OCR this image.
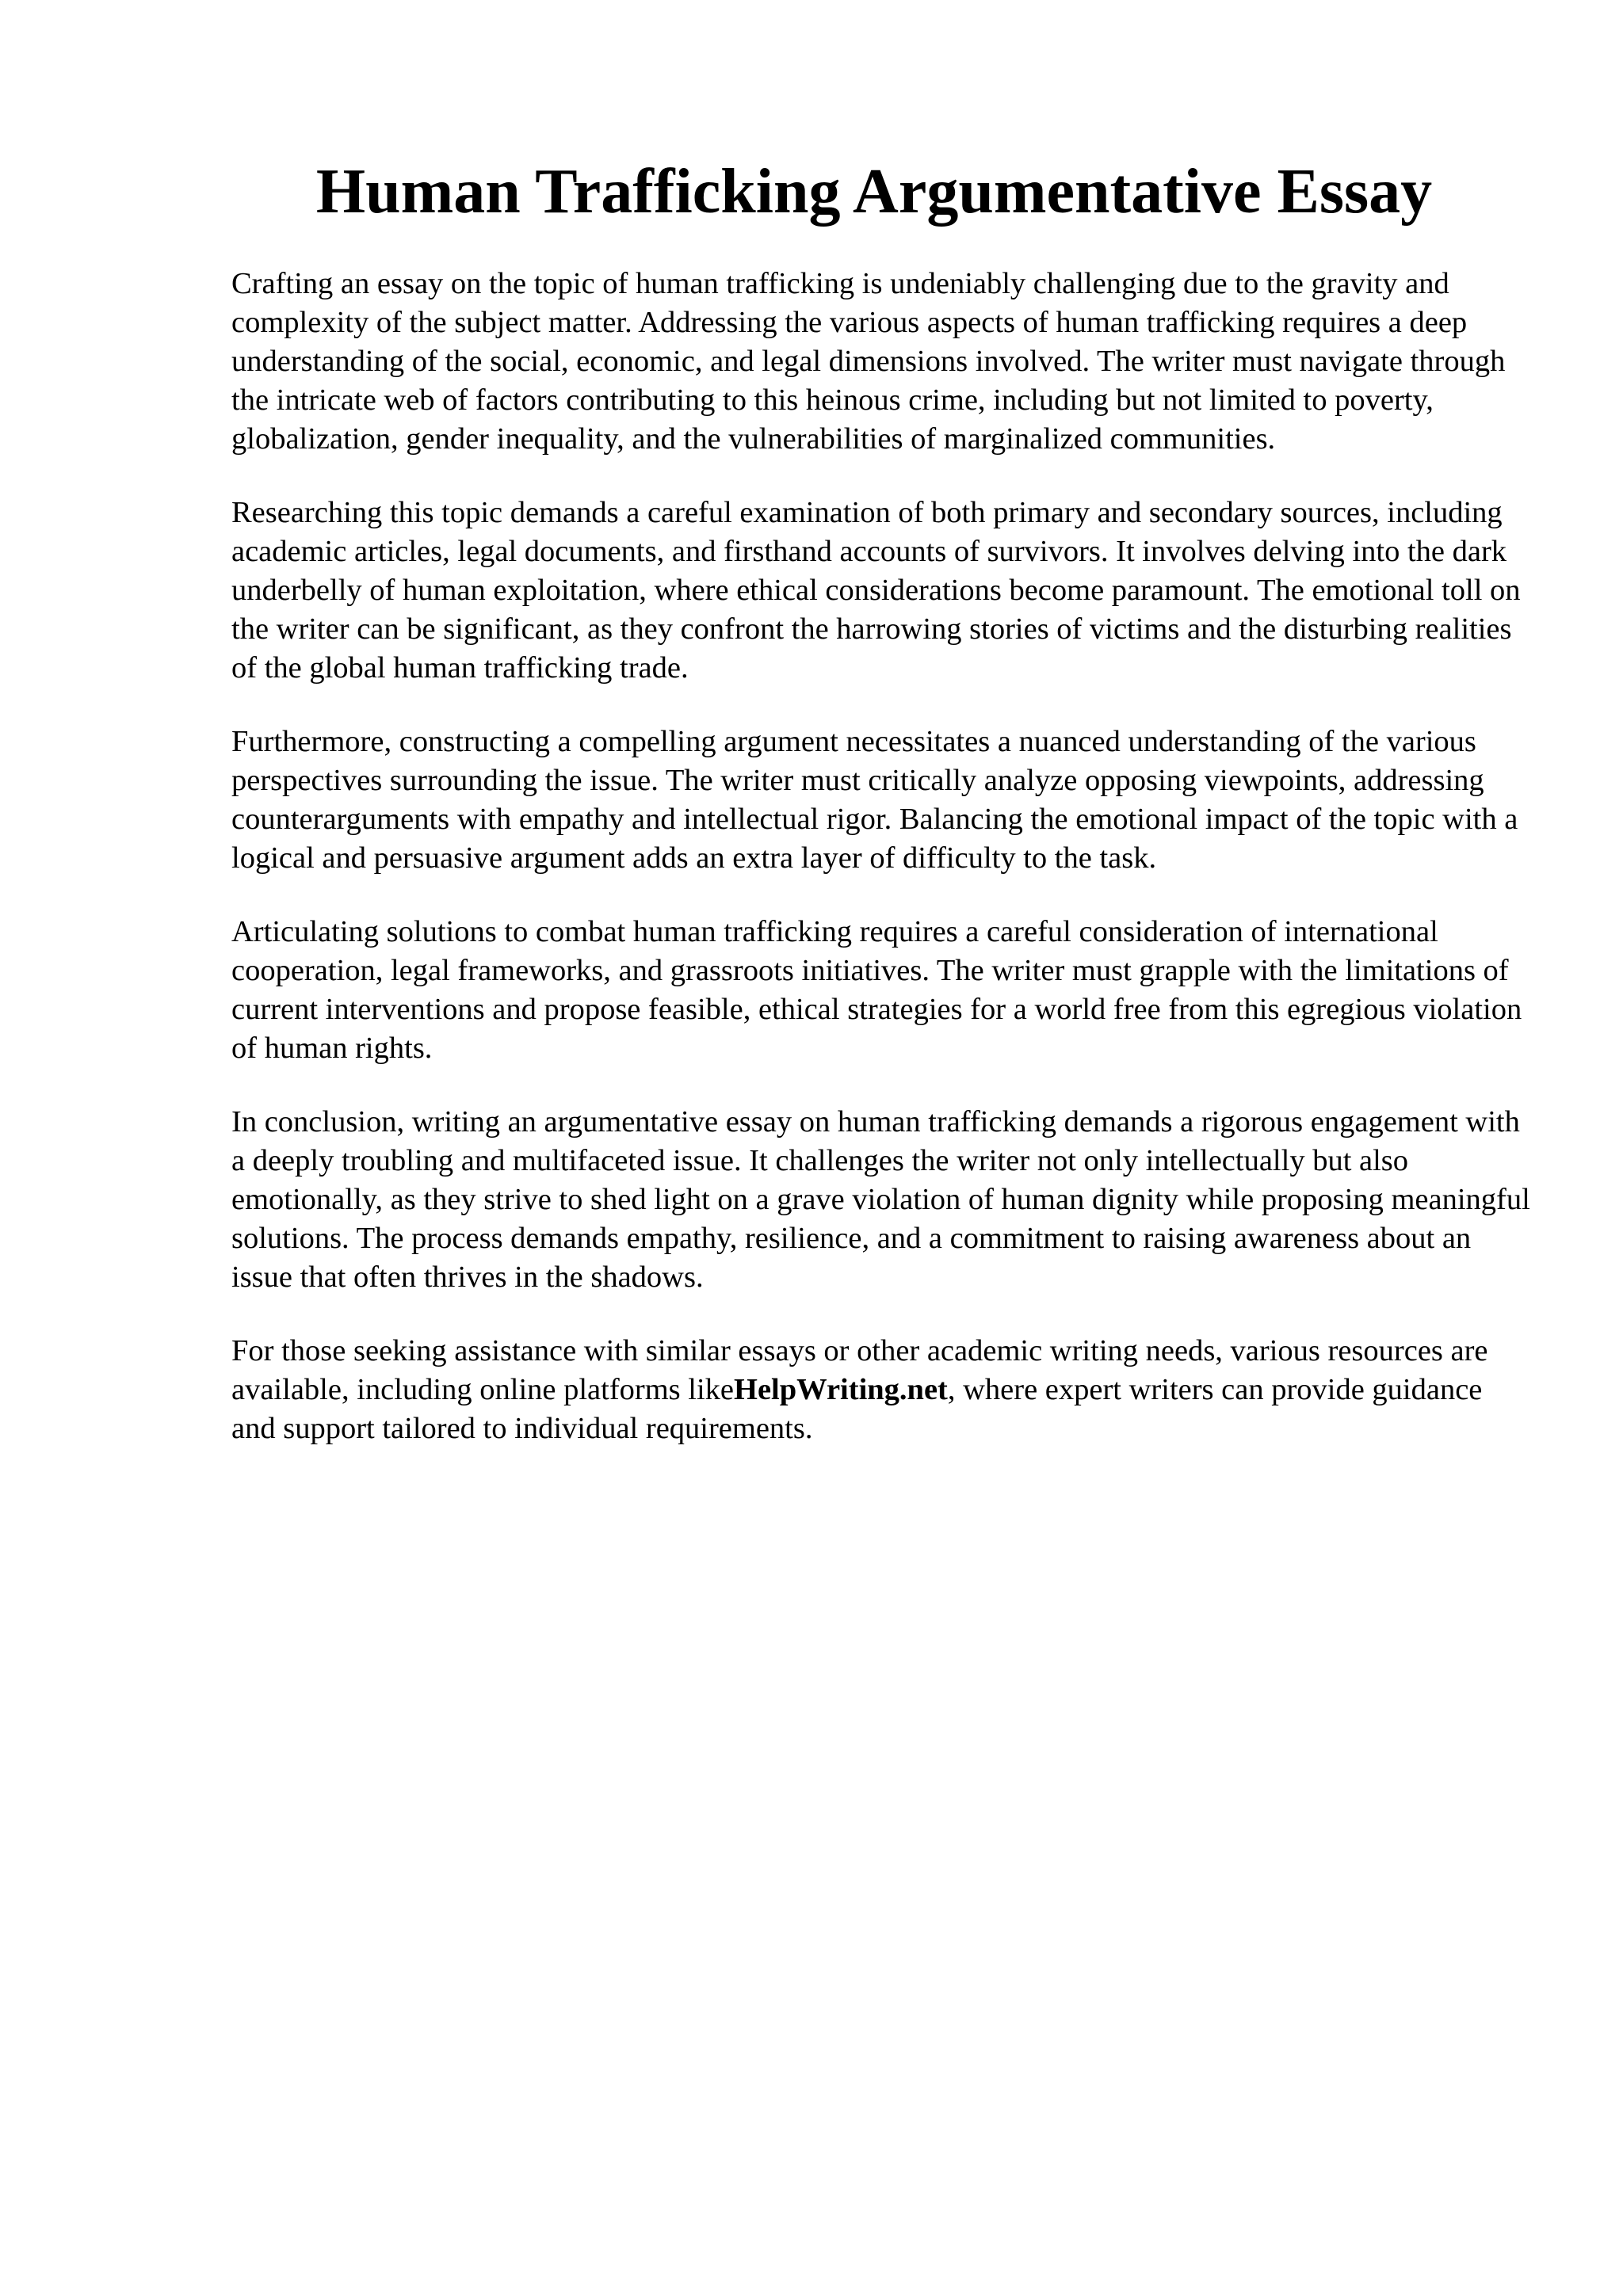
Human Trafficking Argumentative Essay

Crafting an essay on the topic of human trafficking is undeniably challenging due to the gravity and complexity of the subject matter. Addressing the various aspects of human trafficking requires a deep understanding of the social, economic, and legal dimensions involved. The writer must navigate through the intricate web of factors contributing to this heinous crime, including but not limited to poverty, globalization, gender inequality, and the vulnerabilities of marginalized communities.

Researching this topic demands a careful examination of both primary and secondary sources, including academic articles, legal documents, and firsthand accounts of survivors. It involves delving into the dark underbelly of human exploitation, where ethical considerations become paramount. The emotional toll on the writer can be significant, as they confront the harrowing stories of victims and the disturbing realities of the global human trafficking trade.

Furthermore, constructing a compelling argument necessitates a nuanced understanding of the various perspectives surrounding the issue. The writer must critically analyze opposing viewpoints, addressing counterarguments with empathy and intellectual rigor. Balancing the emotional impact of the topic with a logical and persuasive argument adds an extra layer of difficulty to the task.

Articulating solutions to combat human trafficking requires a careful consideration of international cooperation, legal frameworks, and grassroots initiatives. The writer must grapple with the limitations of current interventions and propose feasible, ethical strategies for a world free from this egregious violation of human rights.

In conclusion, writing an argumentative essay on human trafficking demands a rigorous engagement with a deeply troubling and multifaceted issue. It challenges the writer not only intellectually but also emotionally, as they strive to shed light on a grave violation of human dignity while proposing meaningful solutions. The process demands empathy, resilience, and a commitment to raising awareness about an issue that often thrives in the shadows.

For those seeking assistance with similar essays or other academic writing needs, various resources are available, including online platforms likeHelpWriting.net, where expert writers can provide guidance and support tailored to individual requirements.
